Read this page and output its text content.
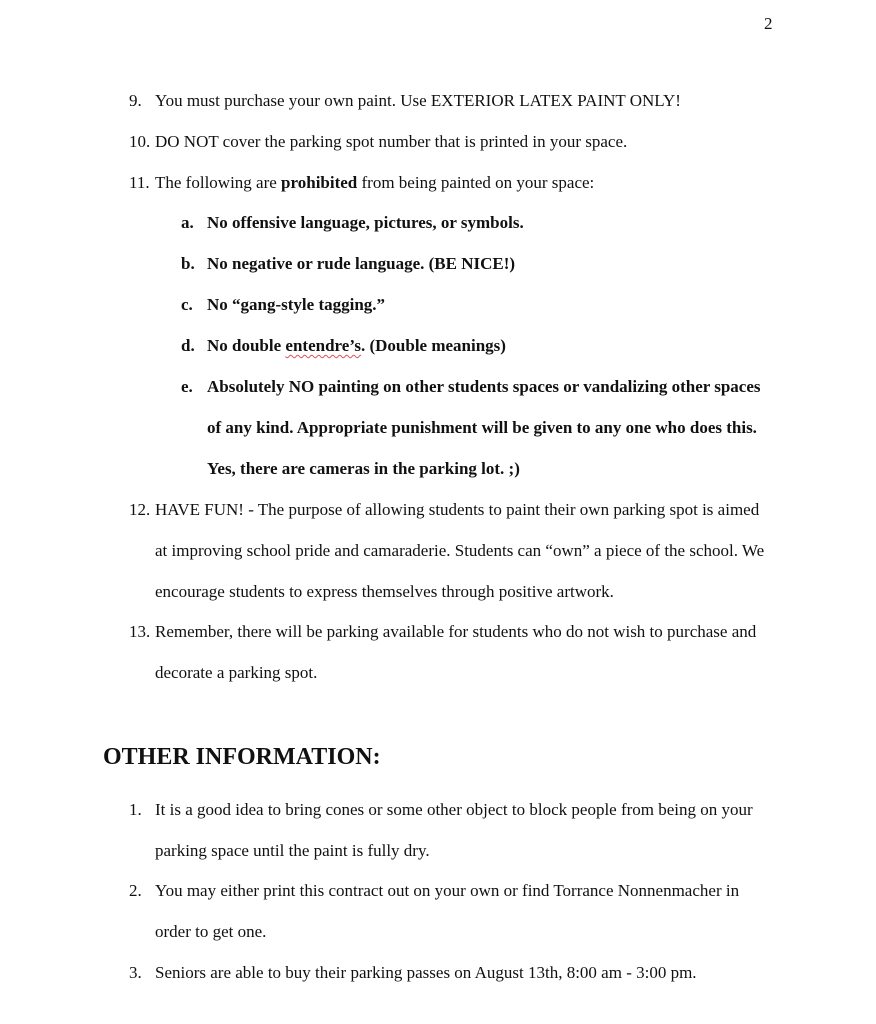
2
9. You must purchase your own paint. Use EXTERIOR LATEX PAINT ONLY!
10. DO NOT cover the parking spot number that is printed in your space.
11. The following are prohibited from being painted on your space:
a. No offensive language, pictures, or symbols.
b. No negative or rude language. (BE NICE!)
c. No “gang-style tagging.”
d. No double entendre’s. (Double meanings)
e. Absolutely NO painting on other students spaces or vandalizing other spaces
of any kind. Appropriate punishment will be given to any one who does this.
Yes, there are cameras in the parking lot. ;)
12. HAVE FUN! - The purpose of allowing students to paint their own parking spot is aimed
at improving school pride and camaraderie. Students can “own” a piece of the school. We
encourage students to express themselves through positive artwork.
13. Remember, there will be parking available for students who do not wish to purchase and
decorate a parking spot.
OTHER INFORMATION:
1. It is a good idea to bring cones or some other object to block people from being on your
parking space until the paint is fully dry.
2. You may either print this contract out on your own or find Torrance Nonnenmacher in
order to get one.
3. Seniors are able to buy their parking passes on August 13th, 8:00 am - 3:00 pm.
